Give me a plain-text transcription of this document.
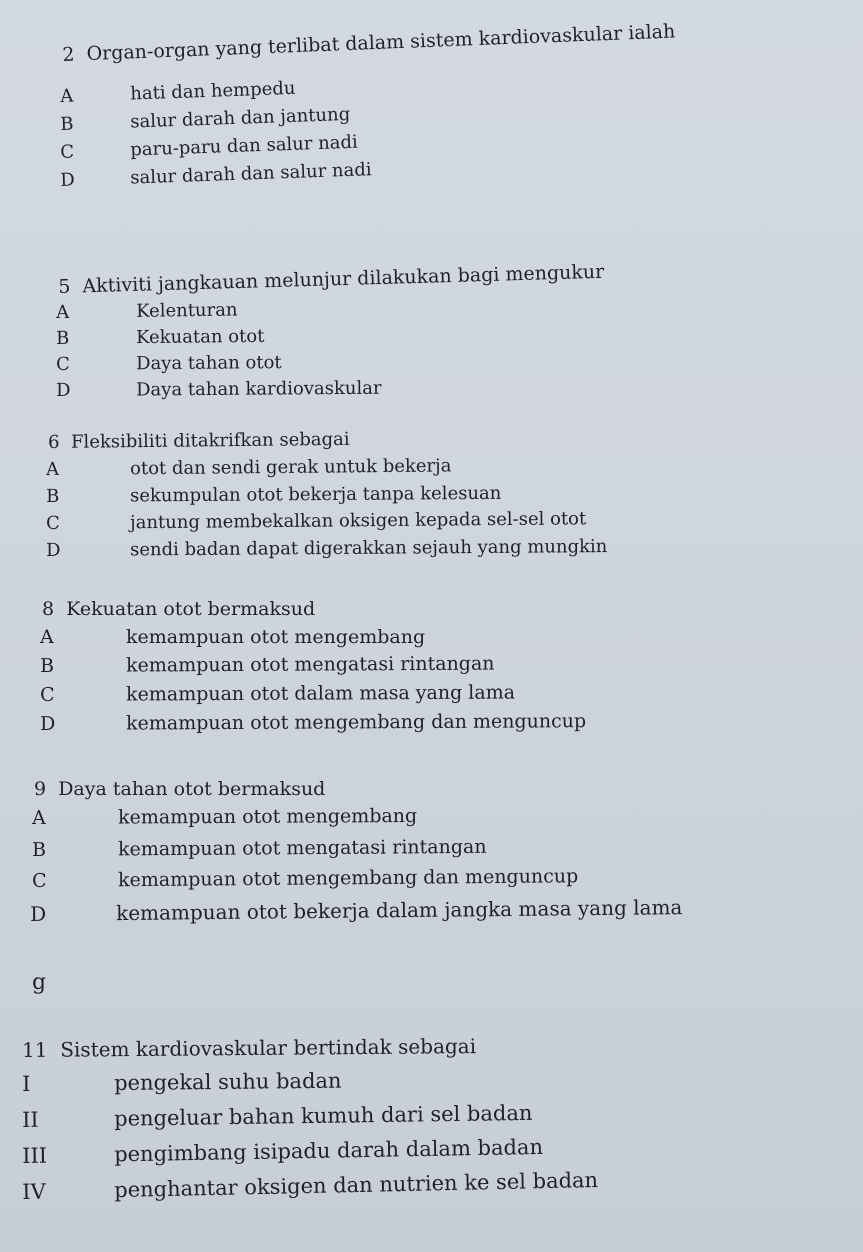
2 Organ-organ yang terlibat dalam sistem kardiovaskular ialah
A	hati dan hempedu
B	salur darah dan jantung
C	paru-paru dan salur nadi
D	salur darah dan salur nadi
5 Aktiviti jangkauan melunjur dilakukan bagi mengukur
A	Kelenturan
B	Kekuatan otot
C	Daya tahan otot
D	Daya tahan kardiovaskular
6 Fleksibiliti ditakrifkan sebagai
A	otot dan sendi gerak untuk bekerja
B	sekumpulan otot bekerja tanpa kelesuan
C	jantung membekalkan oksigen kepada sel-sel otot
D	sendi badan dapat digerakkan sejauh yang mungkin
8 Kekuatan otot bermaksud
A	kemampuan otot mengembang
B	kemampuan otot mengatasi rintangan
C	kemampuan otot dalam masa yang lama
D	kemampuan otot mengembang dan menguncup
9 Daya tahan otot bermaksud
A	kemampuan otot mengembang
B	kemampuan otot mengatasi rintangan
C	kemampuan otot mengembang dan menguncup
D	kemampuan otot bekerja dalam jangka masa yang lama
g
11 Sistem kardiovaskular bertindak sebagai
I	pengekal suhu badan
II	pengeluar bahan kumuh dari sel badan
III	pengimbang isipadu darah dalam badan
IV	penghantar oksigen dan nutrien ke sel badan
